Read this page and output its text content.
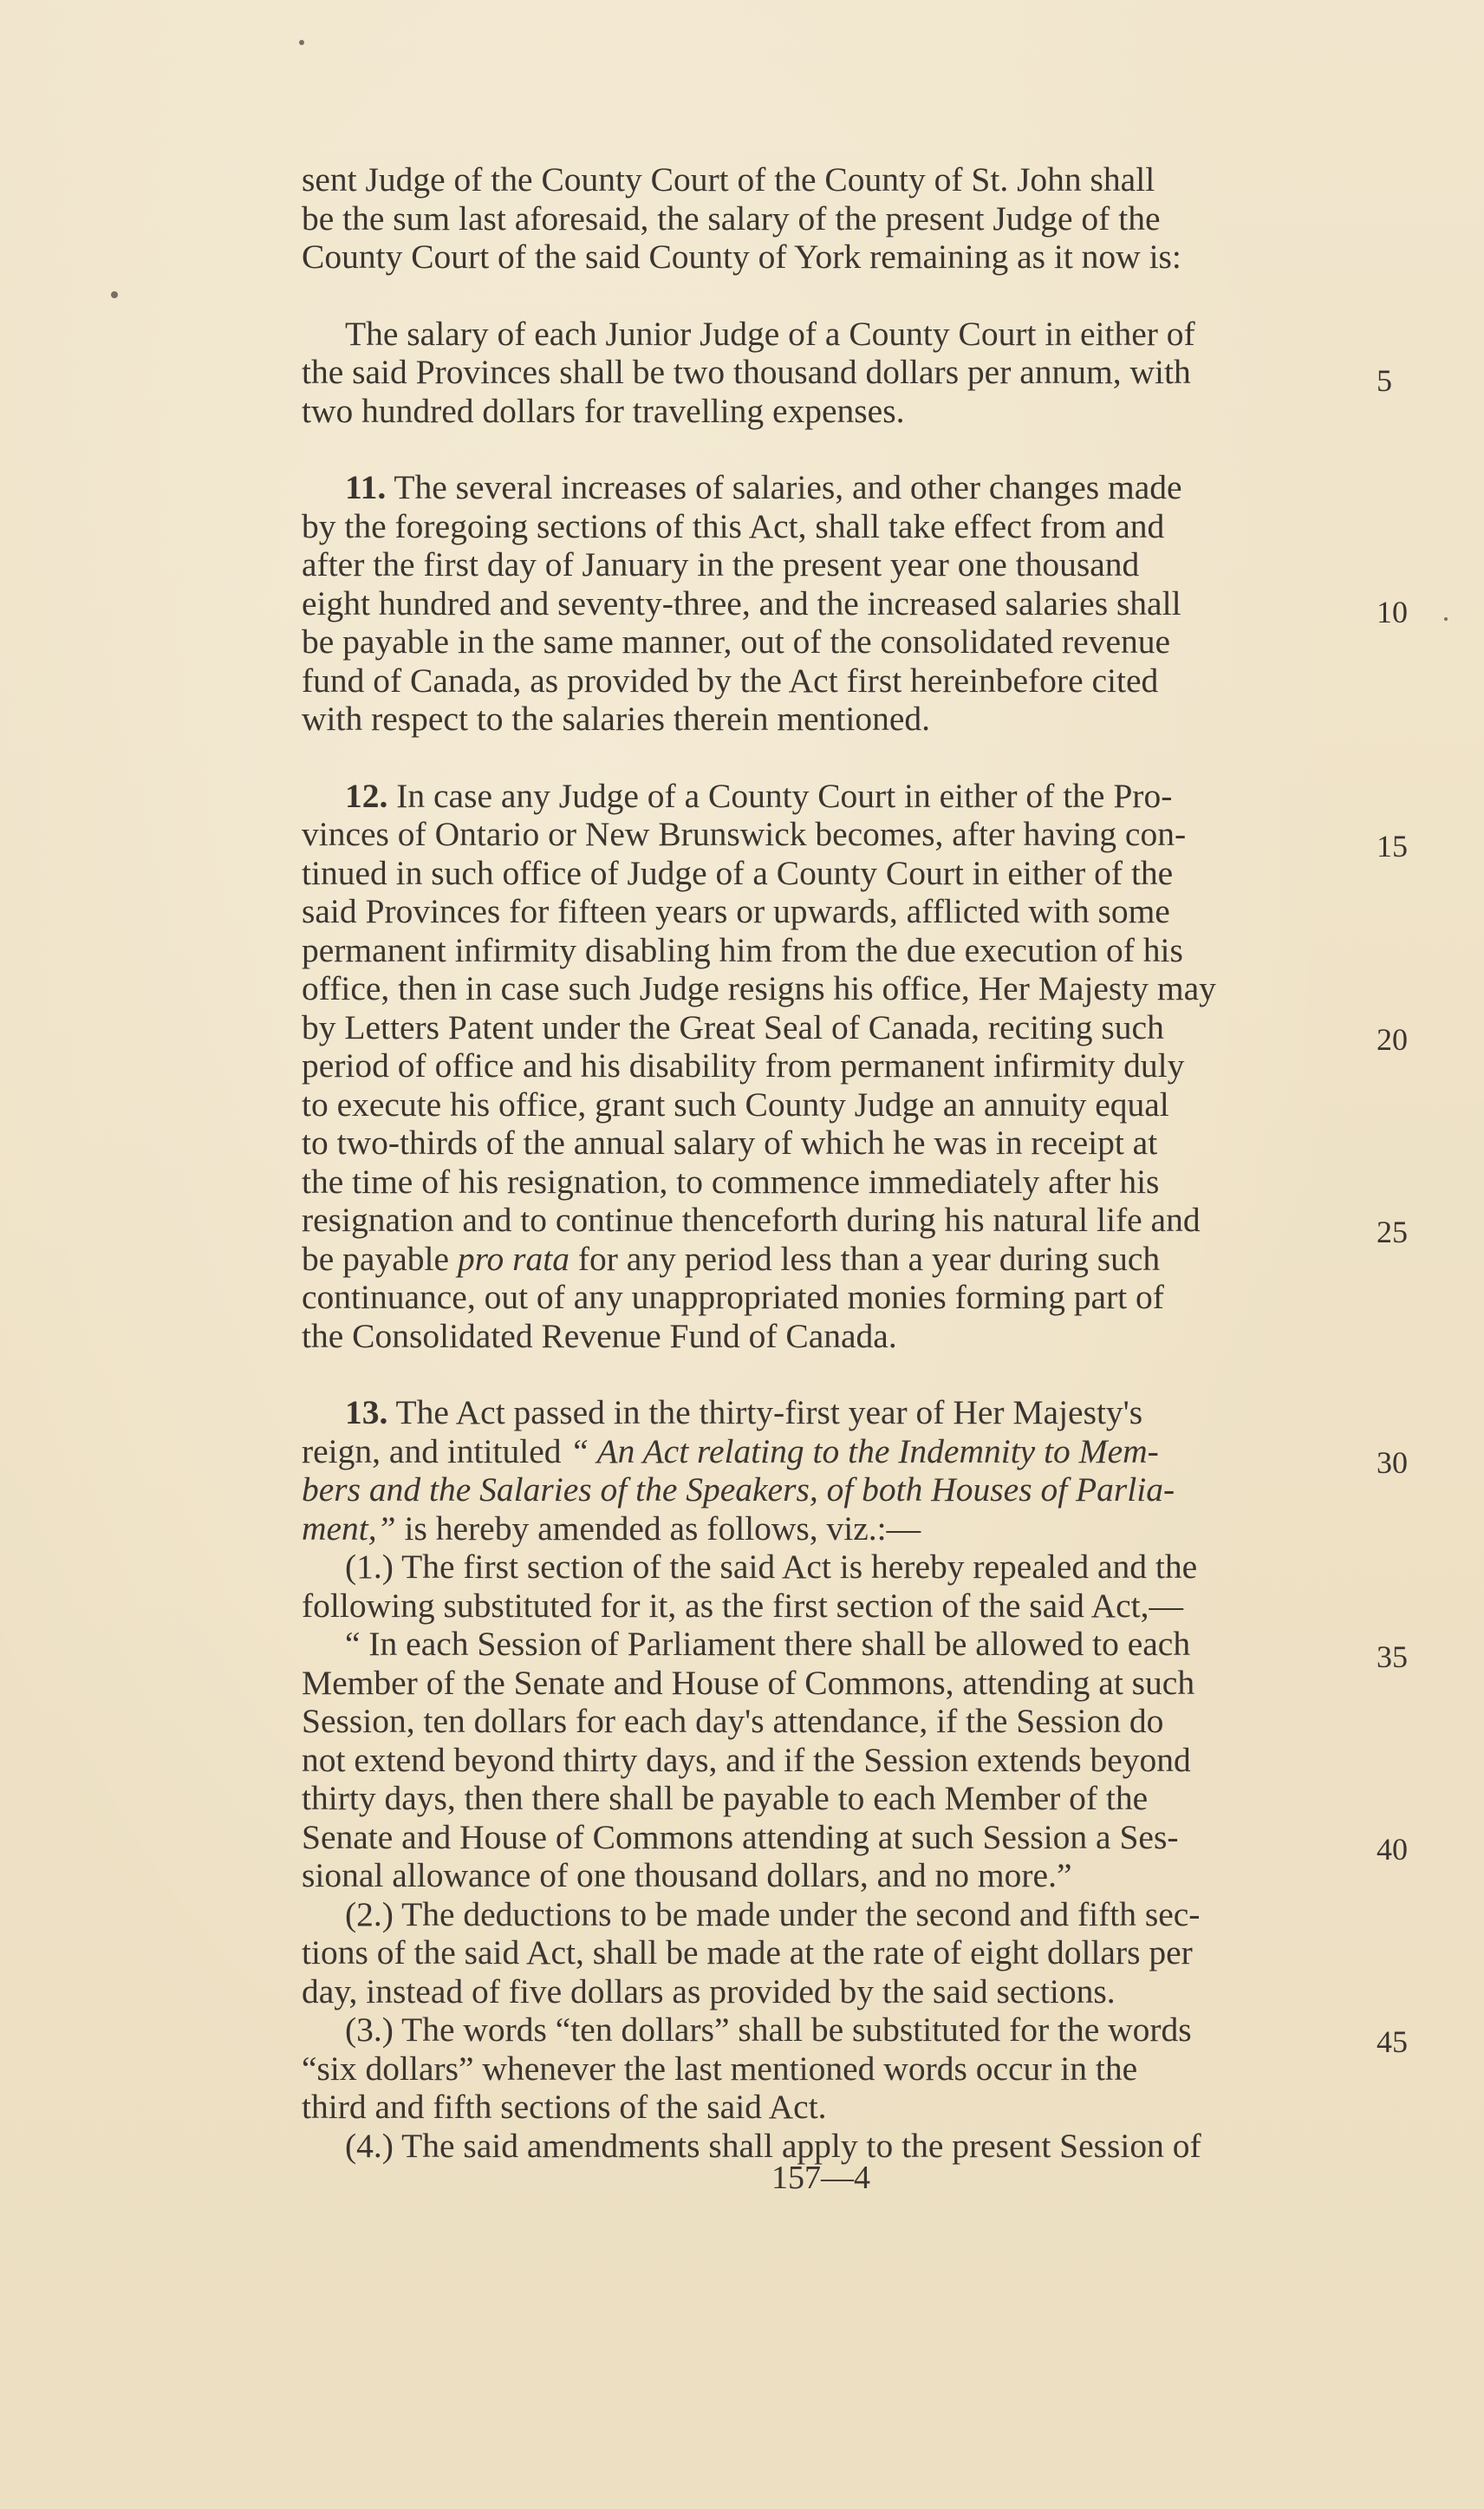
sent Judge of the County Court of the County of St. John shall
be the sum last aforesaid, the salary of the present Judge of the
County Court of the said County of York remaining as it now is:
The salary of each Junior Judge of a County Court in either of
the said Provinces shall be two thousand dollars per annum, with
two hundred dollars for travelling expenses.
11. The several increases of salaries, and other changes made
by the foregoing sections of this Act, shall take effect from and
after the first day of January in the present year one thousand
eight hundred and seventy-three, and the increased salaries shall
be payable in the same manner, out of the consolidated revenue
fund of Canada, as provided by the Act first hereinbefore cited
with respect to the salaries therein mentioned.
12. In case any Judge of a County Court in either of the Pro-
vinces of Ontario or New Brunswick becomes, after having con-
tinued in such office of Judge of a County Court in either of the
said Provinces for fifteen years or upwards, afflicted with some
permanent infirmity disabling him from the due execution of his
office, then in case such Judge resigns his office, Her Majesty may
by Letters Patent under the Great Seal of Canada, reciting such
period of office and his disability from permanent infirmity duly
to execute his office, grant such County Judge an annuity equal
to two-thirds of the annual salary of which he was in receipt at
the time of his resignation, to commence immediately after his
resignation and to continue thenceforth during his natural life and
be payable pro rata for any period less than a year during such
continuance, out of any unappropriated monies forming part of
the Consolidated Revenue Fund of Canada.
13. The Act passed in the thirty-first year of Her Majesty's
reign, and intituled “ An Act relating to the Indemnity to Mem-
bers and the Salaries of the Speakers, of both Houses of Parlia-
ment,” is hereby amended as follows, viz.:—
(1.) The first section of the said Act is hereby repealed and the
following substituted for it, as the first section of the said Act,—
“ In each Session of Parliament there shall be allowed to each
Member of the Senate and House of Commons, attending at such
Session, ten dollars for each day's attendance, if the Session do
not extend beyond thirty days, and if the Session extends beyond
thirty days, then there shall be payable to each Member of the
Senate and House of Commons attending at such Session a Ses-
sional allowance of one thousand dollars, and no more.”
(2.) The deductions to be made under the second and fifth sec-
tions of the said Act, shall be made at the rate of eight dollars per
day, instead of five dollars as provided by the said sections.
(3.) The words “ten dollars” shall be substituted for the words
“six dollars” whenever the last mentioned words occur in the
third and fifth sections of the said Act.
(4.) The said amendments shall apply to the present Session of
5
10
15
20
25
30
35
40
45
157—4
